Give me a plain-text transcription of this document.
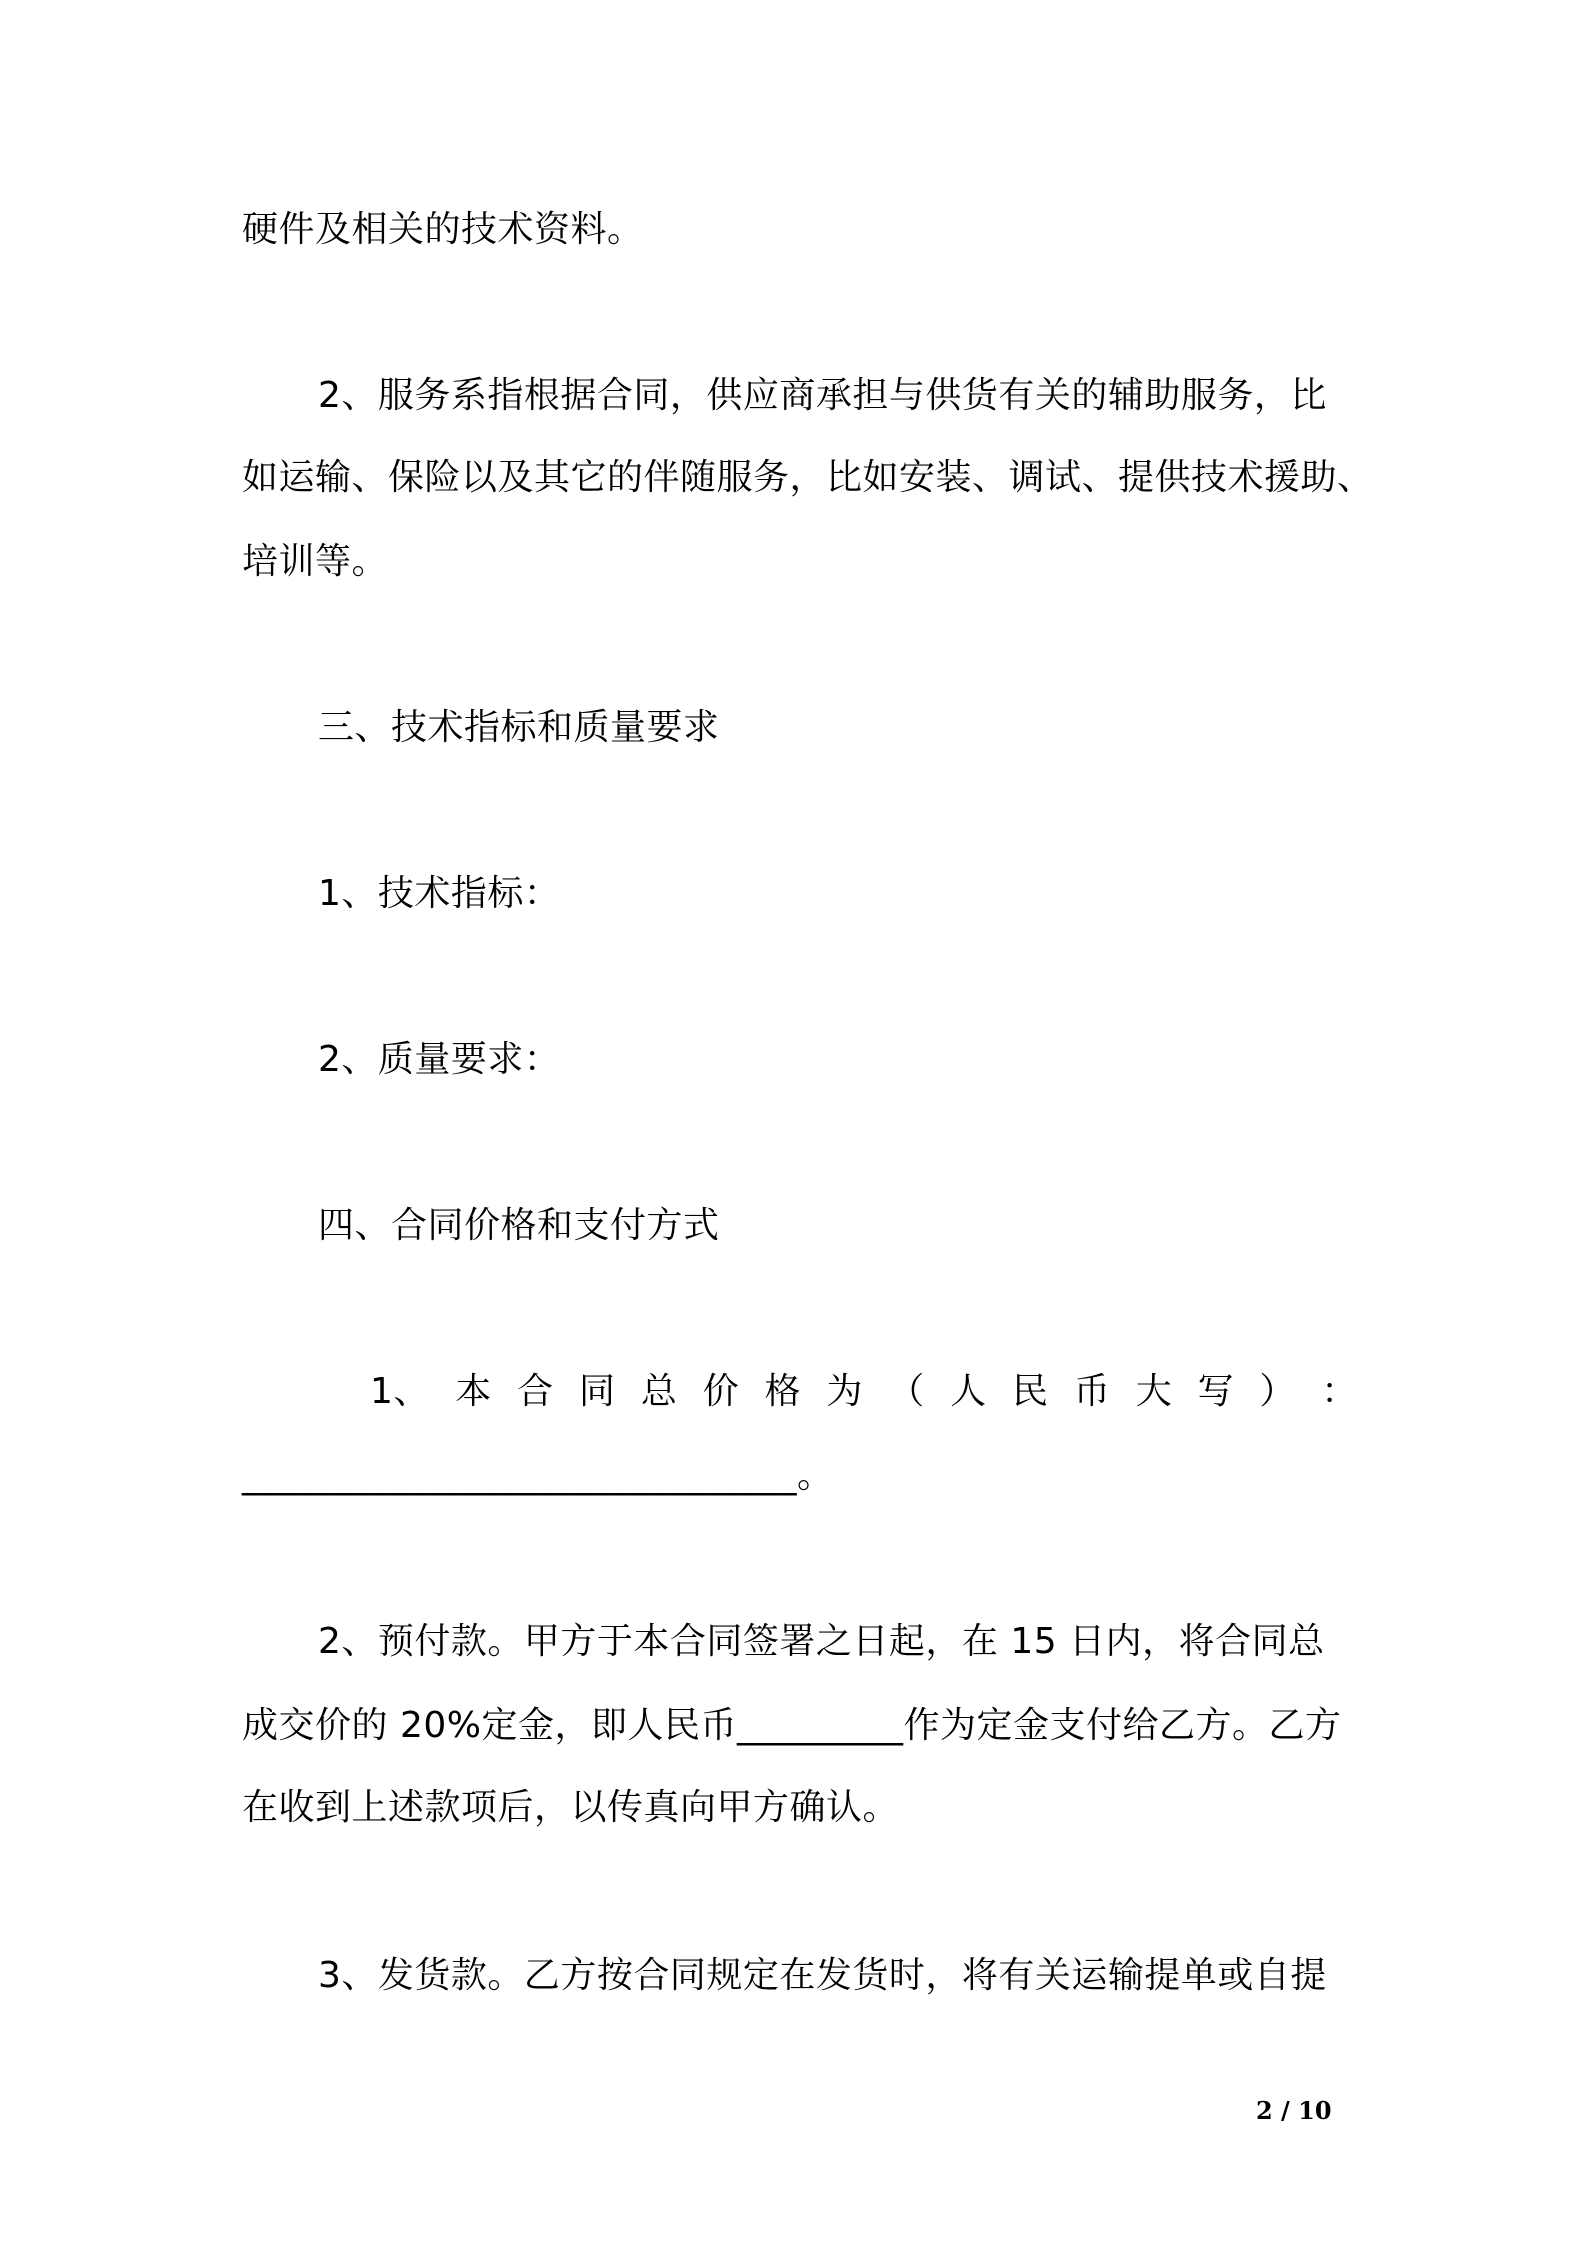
硬件及相关的技术资料。
2、服务系指根据合同，供应商承担与供货有关的辅助服务，比
如运输、保险以及其它的伴随服务，比如安装、调试、提供技术援助、
培训等。
三、技术指标和质量要求
1、技术指标：
2、质量要求：
四、合同价格和支付方式
1、 本 合 同 总 价 格 为 （ 人 民 币 大 写 ） ：
______________________________。
2、预付款。甲方于本合同签署之日起，在 15 日内，将合同总
成交价的 20%定金，即人民币_________作为定金支付给乙方。乙方
在收到上述款项后，以传真向甲方确认。
3、发货款。乙方按合同规定在发货时，将有关运输提单或自提
2 / 10
